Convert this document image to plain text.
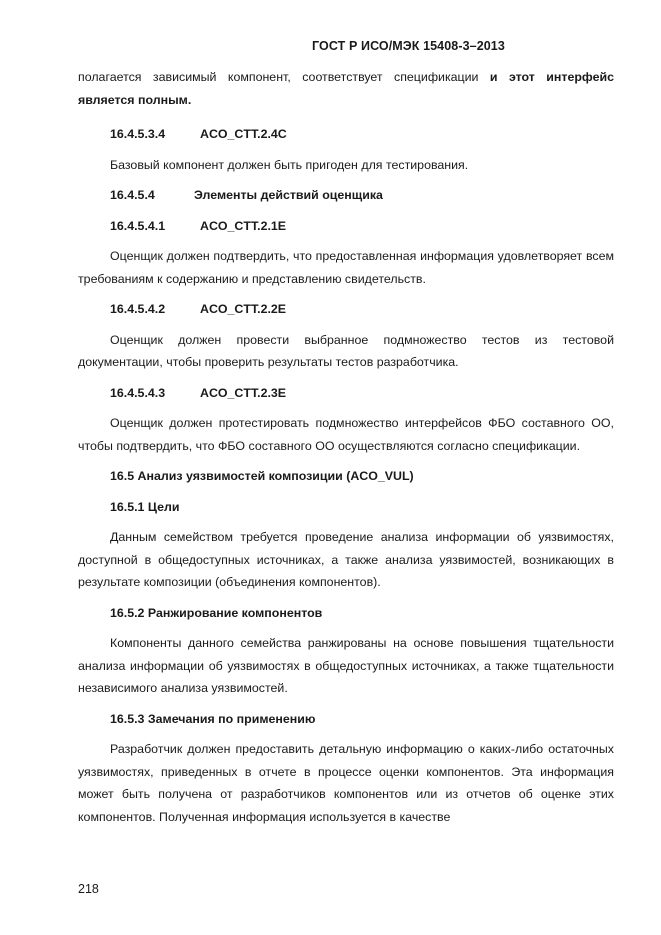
ГОСТ Р ИСО/МЭК 15408-3–2013

полагается зависимый компонент, соответствует спецификации и этот интерфейс является полным.

16.4.5.3.4	ACO_CTT.2.4C

Базовый компонент должен быть пригоден для тестирования.

16.4.5.4	Элементы действий оценщика
16.4.5.4.1	ACO_CTT.2.1E

Оценщик должен подтвердить, что предоставленная информация удовлетворяет всем требованиям к содержанию и представлению свидетельств.

16.4.5.4.2	ACO_CTT.2.2E

Оценщик должен провести выбранное подмножество тестов из тестовой документации, чтобы проверить результаты тестов разработчика.

16.4.5.4.3	ACO_CTT.2.3E

Оценщик должен протестировать подмножество интерфейсов ФБО составного ОО, чтобы подтвердить, что ФБО составного ОО осуществляются согласно спецификации.

16.5 Анализ уязвимостей композиции (ACO_VUL)
16.5.1 Цели

Данным семейством требуется проведение анализа информации об уязвимостях, доступной в общедоступных источниках, а также анализа уязвимостей, возникающих в результате композиции (объединения компонентов).

16.5.2 Ранжирование компонентов

Компоненты данного семейства ранжированы на основе повышения тщательности анализа информации об уязвимостях в общедоступных источниках, а также тщательности независимого анализа уязвимостей.

16.5.3 Замечания по применению

Разработчик должен предоставить детальную информацию о каких-либо остаточных уязвимостях, приведенных в отчете в процессе оценки компонентов. Эта информация может быть получена от разработчиков компонентов или из отчетов об оценке этих компонентов. Полученная информация используется в качестве

218
